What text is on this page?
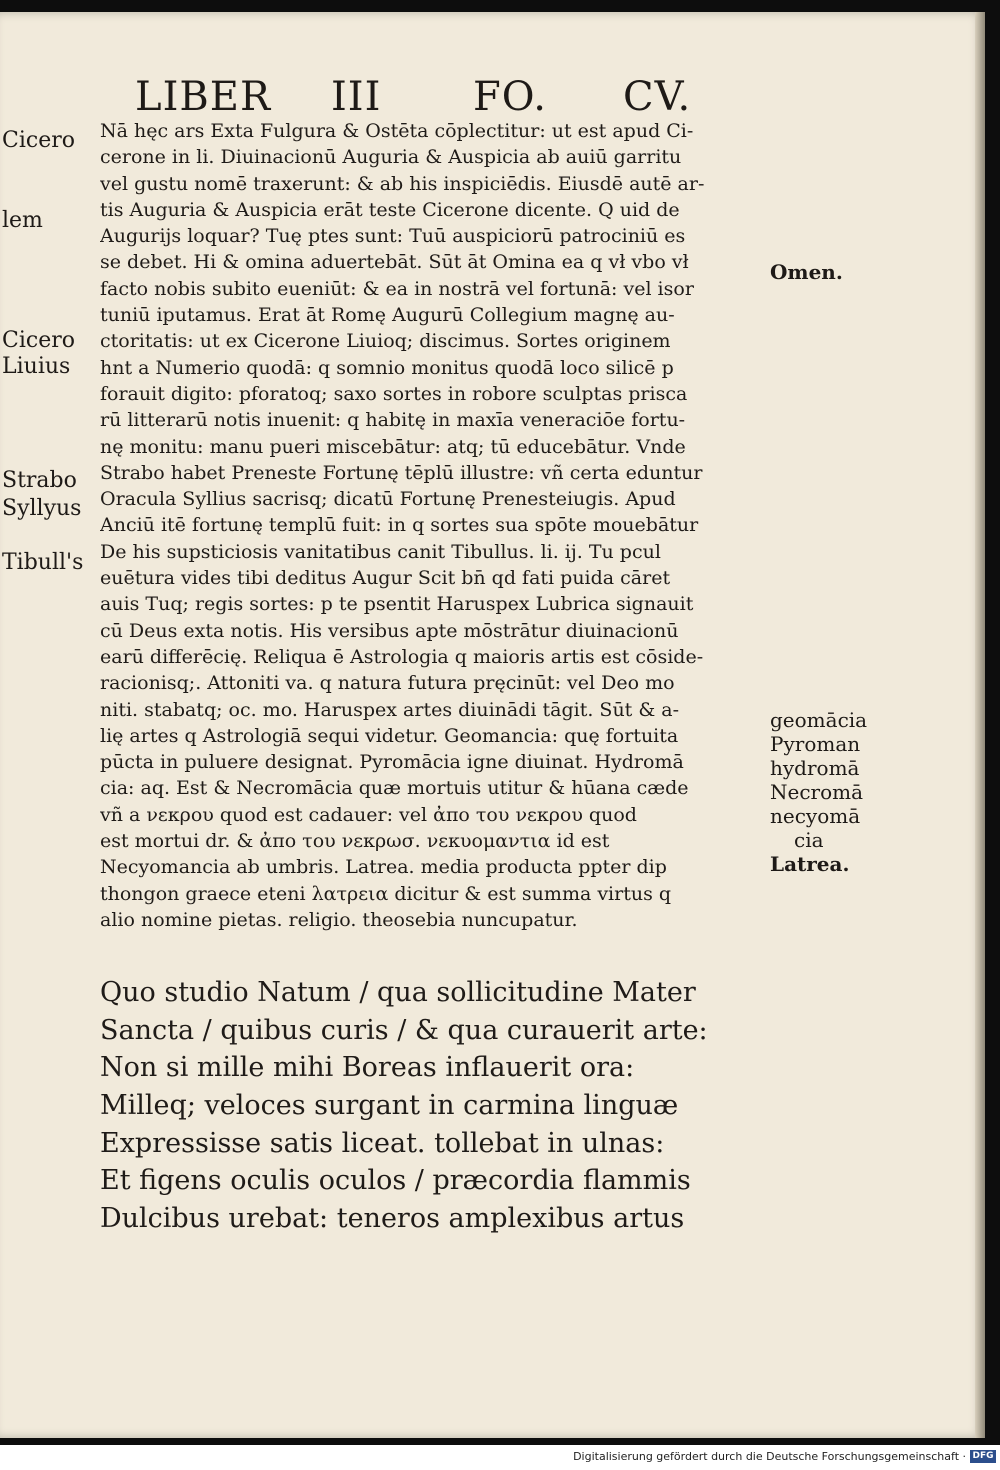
LIBER III FO. CV.
Cicero
lem
Cicero
Liuius
Strabo
Syllyus
Tibull's
Omen.
geomācia
Pyroman
hydromā
Necromā
necyomā
cia
Latrea.
Nā hęc ars Exta Fulgura & Ostēta cōplectitur: ut est apud Ci-
cerone in li. Diuinacionū Auguria & Auspicia ab auiū garritu
vel gustu nomē traxerunt: & ab his inspiciēdis. Eiusdē autē ar-
tis Auguria & Auspicia erāt teste Cicerone dicente. Q uid de
Augurijs loquar? Tuę ptes sunt: Tuū auspiciorū patrociniū es
se debet. Hi & omina aduertebāt. Sūt āt Omina ea q vł vbo vł
facto nobis subito eueniūt: & ea in nostrā vel fortunā: vel isor
tuniū iputamus. Erat āt Romę Augurū Collegium magnę au-
ctoritatis: ut ex Cicerone Liuioq; discimus. Sortes originem
hnt a Numerio quodā: q somnio monitus quodā loco silicē p
forauit digito: pforatoq; saxo sortes in robore sculptas prisca
rū litterarū notis inuenit: q habitę in maxīa veneraciōe fortu-
nę monitu: manu pueri miscebātur: atq; tū educebātur. Vnde
Strabo habet Preneste Fortunę tēplū illustre: vñ certa eduntur
Oracula Syllius sacrisq; dicatū Fortunę Prenesteiugis. Apud
Anciū itē fortunę templū fuit: in q sortes sua spōte mouebātur
De his supsticiosis vanitatibus canit Tibullus. li. ij. Tu pcul
euētura vides tibi deditus Augur Scit bn̄ qd fati puida cāret
auis Tuq; regis sortes: p te psentit Haruspex Lubrica signauit
cū Deus exta notis. His versibus apte mōstrātur diuinacionū
earū differēcię. Reliqua ē Astrologia q maioris artis est cōside-
racionisq;. Attoniti va. q natura futura pręcinūt: vel Deo mo
niti. stabatq; oc. mo. Haruspex artes diuinādi tāgit. Sūt & a-
lię artes q Astrologiā sequi videtur. Geomancia: quę fortuita
pūcta in puluere designat. Pyromācia igne diuinat. Hydromā
cia: aq. Est & Necromācia quæ mortuis utitur & hūana cæde
vñ a νεκρου quod est cadauer: vel ἀπο του νεκρου quod
est mortui dr. & ἀπο του νεκρωσ. νεκυομαντια id est
Necyomancia ab umbris. Latrea. media producta ppter dip
thongon graece eteni λατρεια dicitur & est summa virtus q
alio nomine pietas. religio. theosebia nuncupatur.
Quo studio Natum / qua sollicitudine Mater
Sancta / quibus curis / & qua curauerit arte:
Non si mille mihi Boreas inflauerit ora:
Milleq; veloces surgant in carmina linguæ
Expressisse satis liceat. tollebat in ulnas:
Et figens oculis oculos / præcordia flammis
Dulcibus urebat: teneros amplexibus artus
Digitalisierung gefördert durch die Deutsche Forschungsgemeinschaft · DFG
